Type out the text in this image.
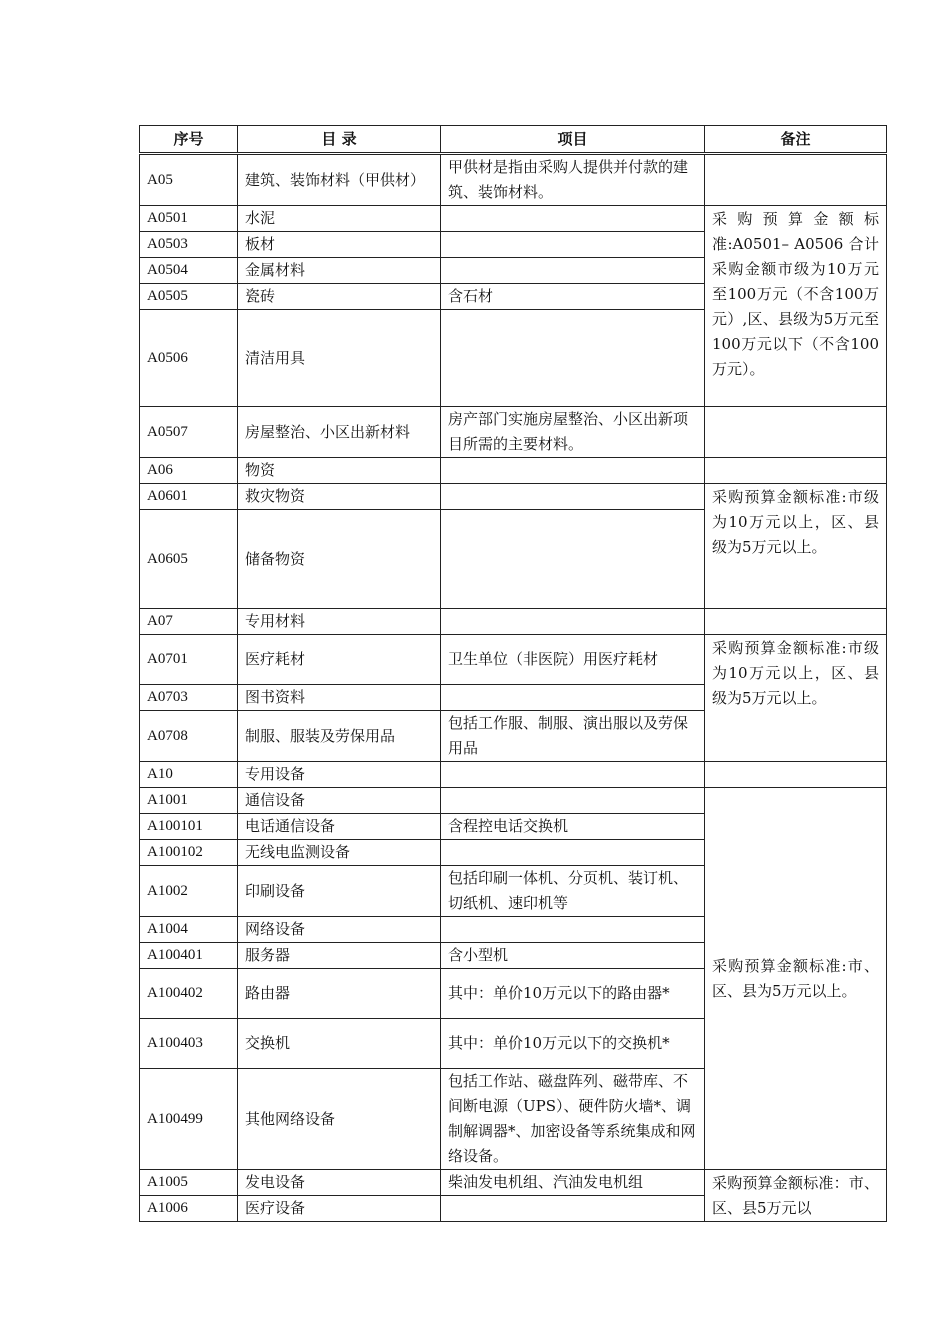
序号	目 录	项目	备注
A05	建筑、装饰材料（甲供材）	甲供材是指由采购人提供并付款的建筑、装饰材料。	
A0501	水泥		采购预算金额标准:A0501– A0506 合计采购金额市级为10万元至100万元（不含100万元）,区、县级为5万元至100万元以下（不含100万元）。
A0503	板材		
A0504	金属材料		
A0505	瓷砖	含石材	
A0506	清洁用具		
A0507	房屋整治、小区出新材料	房产部门实施房屋整治、小区出新项目所需的主要材料。	
A06	物资		
A0601	救灾物资		采购预算金额标准:市级为10万元以上，区、县级为5万元以上。
A0605	储备物资		
A07	专用材料		
A0701	医疗耗材	卫生单位（非医院）用医疗耗材	采购预算金额标准:市级为10万元以上，区、县级为5万元以上。
A0703	图书资料		
A0708	制服、服装及劳保用品	包括工作服、制服、演出服以及劳保用品	
A10	专用设备		
A1001	通信设备		采购预算金额标准:市、区、县为5万元以上。
A100101	电话通信设备	含程控电话交换机	
A100102	无线电监测设备		
A1002	印刷设备	包括印刷一体机、分页机、装订机、切纸机、速印机等	
A1004	网络设备		
A100401	服务器	含小型机	
A100402	路由器	其中：单价10万元以下的路由器*	
A100403	交换机	其中：单价10万元以下的交换机*	
A100499	其他网络设备	包括工作站、磁盘阵列、磁带库、不间断电源（UPS）、硬件防火墙*、调制解调器*、加密设备等系统集成和网络设备。	
A1005	发电设备	柴油发电机组、汽油发电机组	采购预算金额标准：市、区、县5万元以
A1006	医疗设备		
